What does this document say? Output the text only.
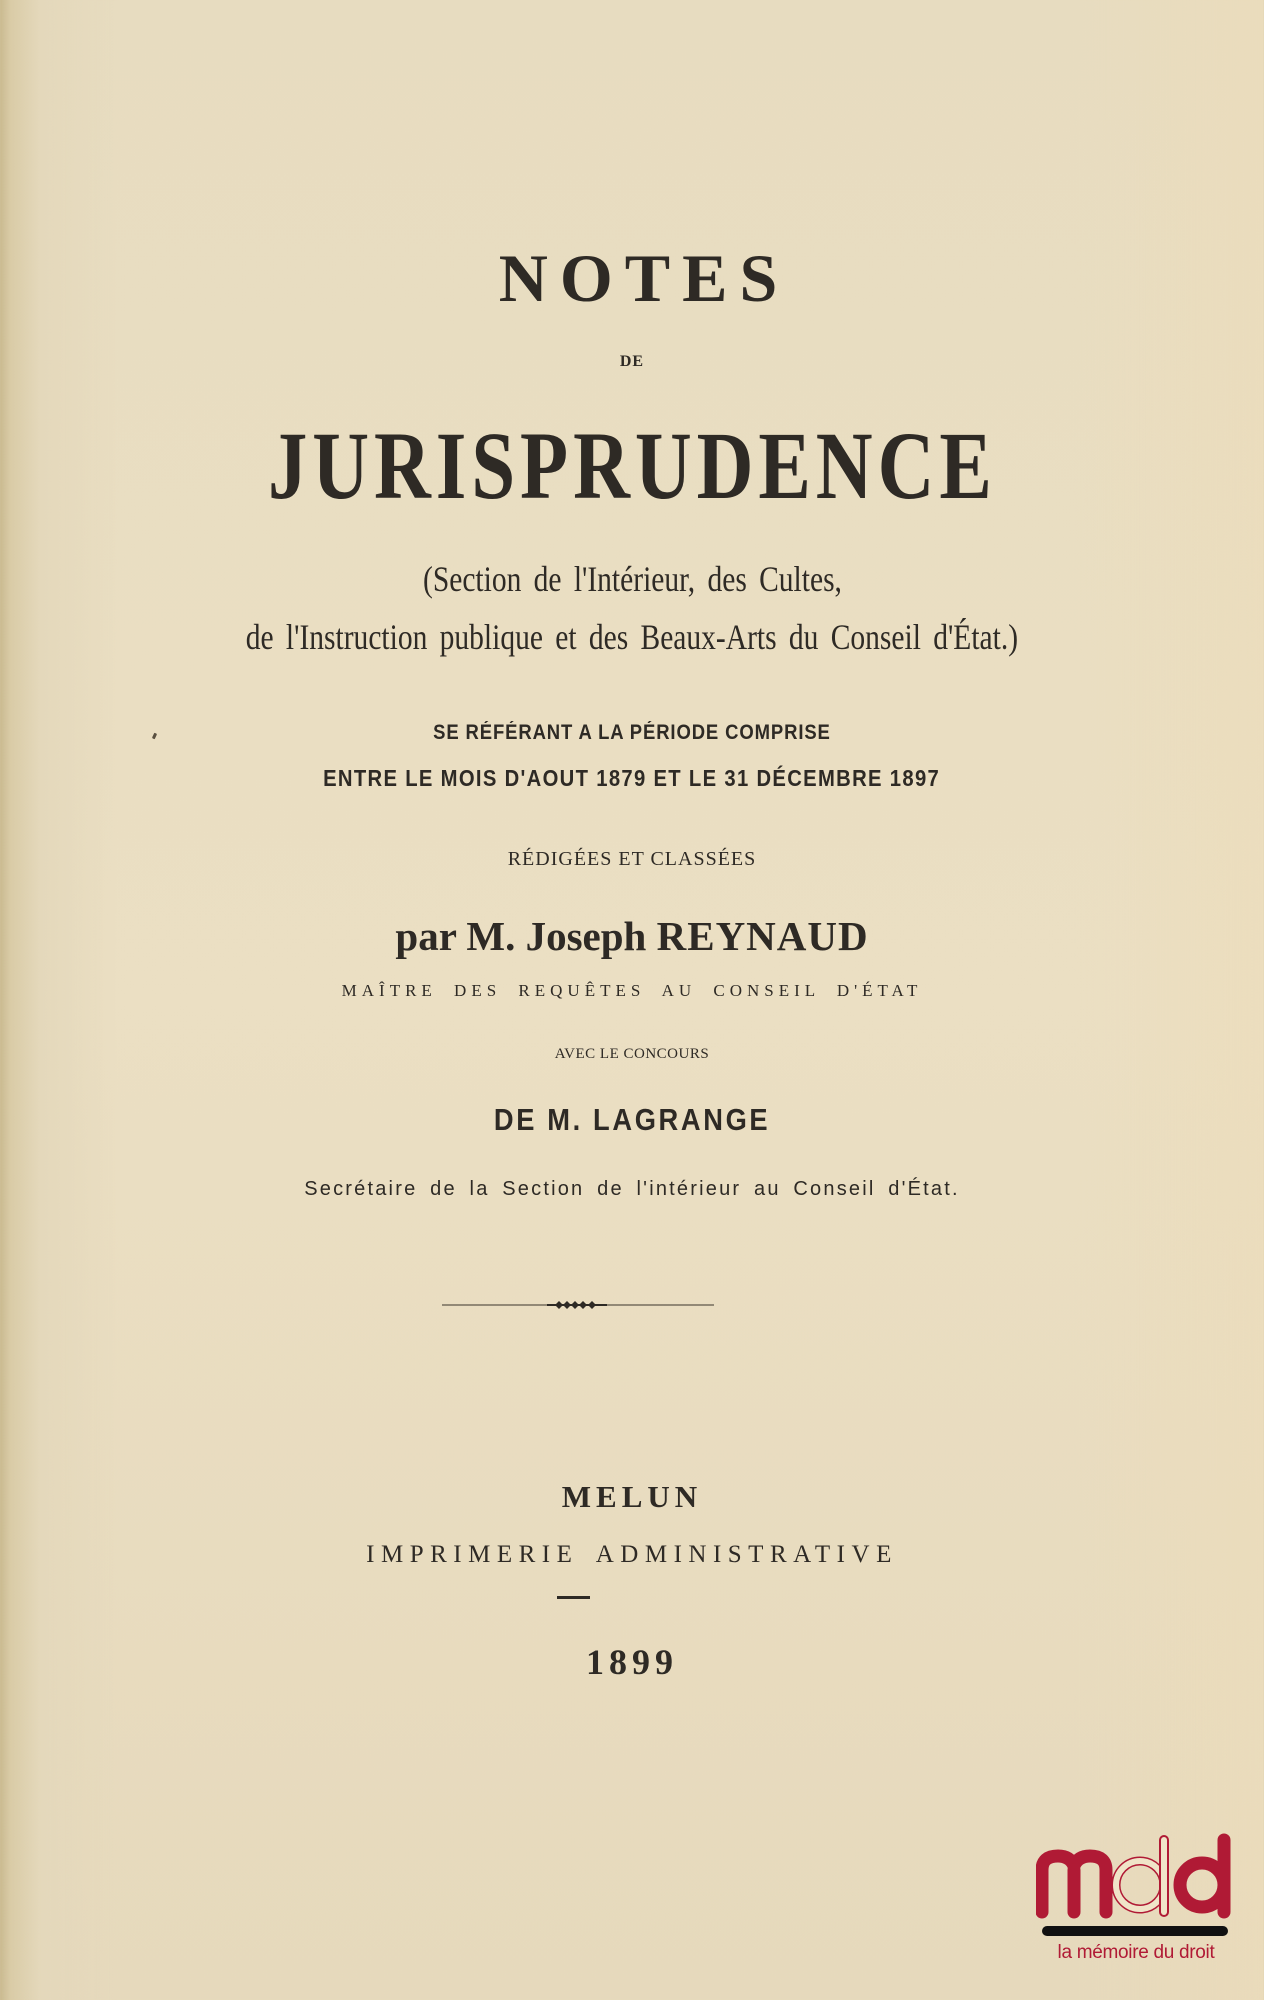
NOTES
DE
JURISPRUDENCE
(Section de l'Intérieur, des Cultes,
de l'Instruction publique et des Beaux-Arts du Conseil d'État.)
SE RÉFÉRANT A LA PÉRIODE COMPRISE
ENTRE LE MOIS D'AOUT 1879 ET LE 31 DÉCEMBRE 1897
RÉDIGÉES ET CLASSÉES
par M. Joseph REYNAUD
MAÎTRE DES REQUÊTES AU CONSEIL D'ÉTAT
AVEC LE CONCOURS
DE M. LAGRANGE
Secrétaire de la Section de l'intérieur au Conseil d'État.
MELUN
IMPRIMERIE ADMINISTRATIVE
1899
la mémoire du droit
